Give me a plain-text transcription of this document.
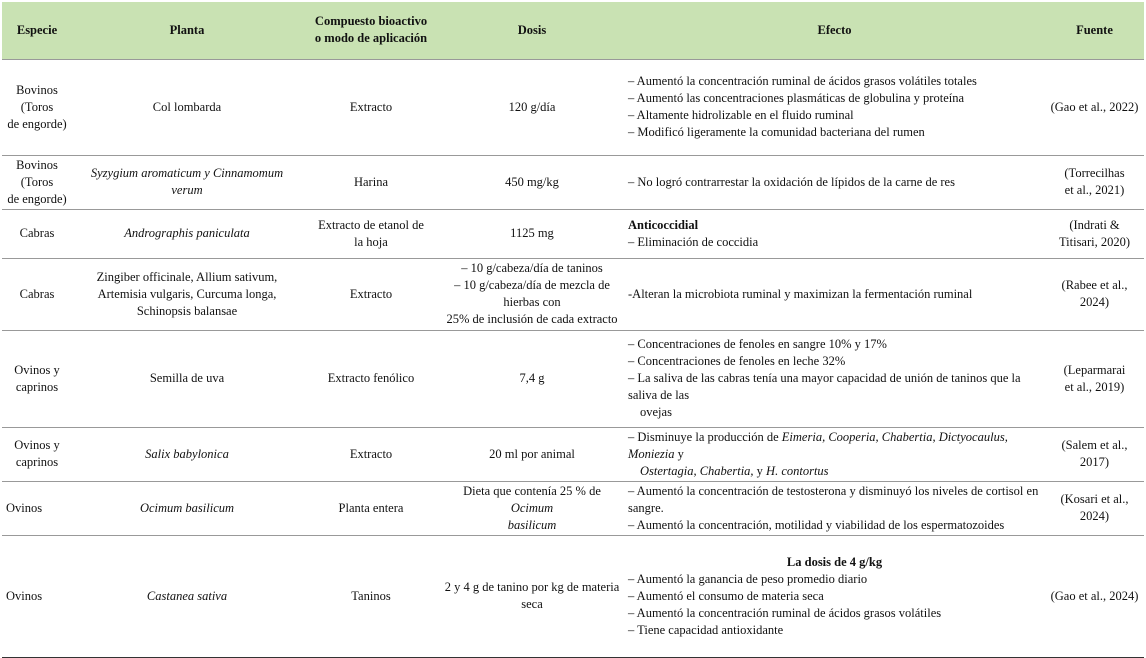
Especie	Planta	Compuesto bioactivo
o modo de aplicación	Dosis	Efecto	Fuente

Bovinos (Toros
de engorde)	Col lombarda	Extracto	120 g/día	– Aumentó la concentración ruminal de ácidos grasos volátiles totales
– Aumentó las concentraciones plasmáticas de globulina y proteína
– Altamente hidrolizable en el fluido ruminal
– Modificó ligeramente la comunidad bacteriana del rumen	(Gao et al., 2022)

Bovinos (Toros
de engorde)	Syzygium aromaticum y Cinnamomum
verum	Harina	450 mg/kg	– No logró contrarrestar la oxidación de lípidos de la carne de res	(Torrecilhas
et al., 2021)

Cabras	Andrographis paniculata	Extracto de etanol de
la hoja	1125 mg	Anticoccidial
– Eliminación de coccidia	(Indrati &
Titisari, 2020)

Cabras	Zingiber officinale, Allium sativum,
Artemisia vulgaris, Curcuma longa,
Schinopsis balansae	Extracto	– 10 g/cabeza/día de taninos
– 10 g/cabeza/día de mezcla de hierbas con
25% de inclusión de cada extracto	-Alteran la microbiota ruminal y maximizan la fermentación ruminal	(Rabee et al.,
2024)

Ovinos y
caprinos	Semilla de uva	Extracto fenólico	7,4 g	– Concentraciones de fenoles en sangre 10% y 17%
– Concentraciones de fenoles en leche 32%
– La saliva de las cabras tenía una mayor capacidad de unión de taninos que la saliva de las
ovejas	(Leparmarai
et al., 2019)

Ovinos y
caprinos	Salix babylonica	Extracto	20 ml por animal	– Disminuye la producción de Eimeria, Cooperia, Chabertia, Dictyocaulus, Moniezia y
Ostertagia, Chabertia, y H. contortus	(Salem et al.,
2017)

Ovinos	Ocimum basilicum	Planta entera	Dieta que contenía 25 % de Ocimum
basilicum	– Aumentó la concentración de testosterona y disminuyó los niveles de cortisol en sangre.
– Aumentó la concentración, motilidad y viabilidad de los espermatozoides	(Kosari et al.,
2024)

Ovinos	Castanea sativa	Taninos	2 y 4 g de tanino por kg de materia seca	La dosis de 4 g/kg
– Aumentó la ganancia de peso promedio diario
– Aumentó el consumo de materia seca
– Aumentó la concentración ruminal de ácidos grasos volátiles
– Tiene capacidad antioxidante	(Gao et al., 2024)
